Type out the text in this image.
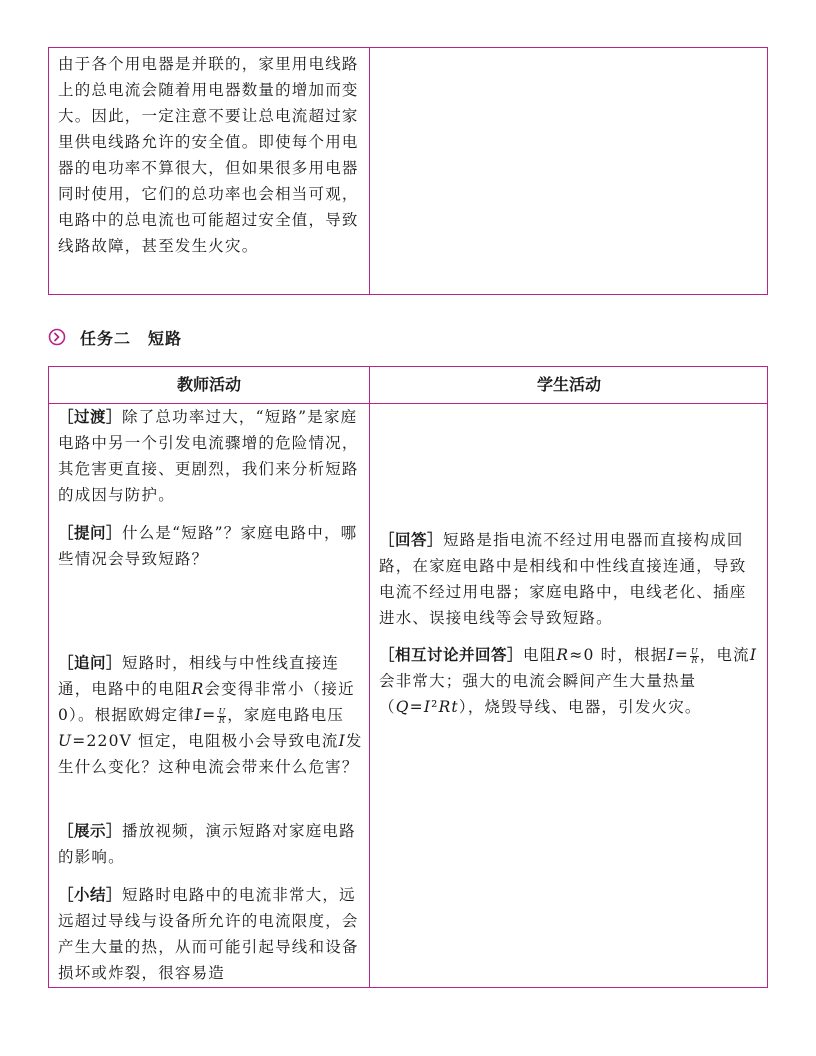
由于各个用电器是并联的，家里用电线路上的总电流会随着用电器数量的增加而变大。因此，一定注意不要让总电流超过家里供电线路允许的安全值。即使每个用电器的电功率不算很大，但如果很多用电器同时使用，它们的总功率也会相当可观，电路中的总电流也可能超过安全值，导致线路故障，甚至发生火灾。

任务二　短路
教师活动	学生活动

［过渡］除了总功率过大，“短路”是家庭电路中另一个引发电流骤增的危险情况，其危害更直接、更剧烈，我们来分析短路的成因与防护。

［提问］什么是“短路”？家庭电路中，哪些情况会导致短路？

［追问］短路时，相线与中性线直接连通，电路中的电阻R会变得非常小（接近0）。根据欧姆定律$I= \frac{U}{R}$ ，家庭电路电压U=220V 恒定，电阻极小会导致电流I发生什么变化？这种电流会带来什么危害？

［展示］播放视频，演示短路对家庭电路的影响。

［小结］短路时电路中的电流非常大，远远超过导线与设备所允许的电流限度，会产生大量的热，从而可能引起导线和设备损坏或炸裂，很容易造

［回答］短路是指电流不经过用电器而直接构成回路，在家庭电路中是相线和中性线直接连通，导致电流不经过用电器；家庭电路中，电线老化、插座进水、误接电线等会导致短路。

［相互讨论并回答］电阻R≈0 时，根据$I= \frac{U}{R}$ ，电流I会非常大；强大的电流会瞬间产生大量热量（Q=I²Rt），烧毁导线、电器，引发火灾。
